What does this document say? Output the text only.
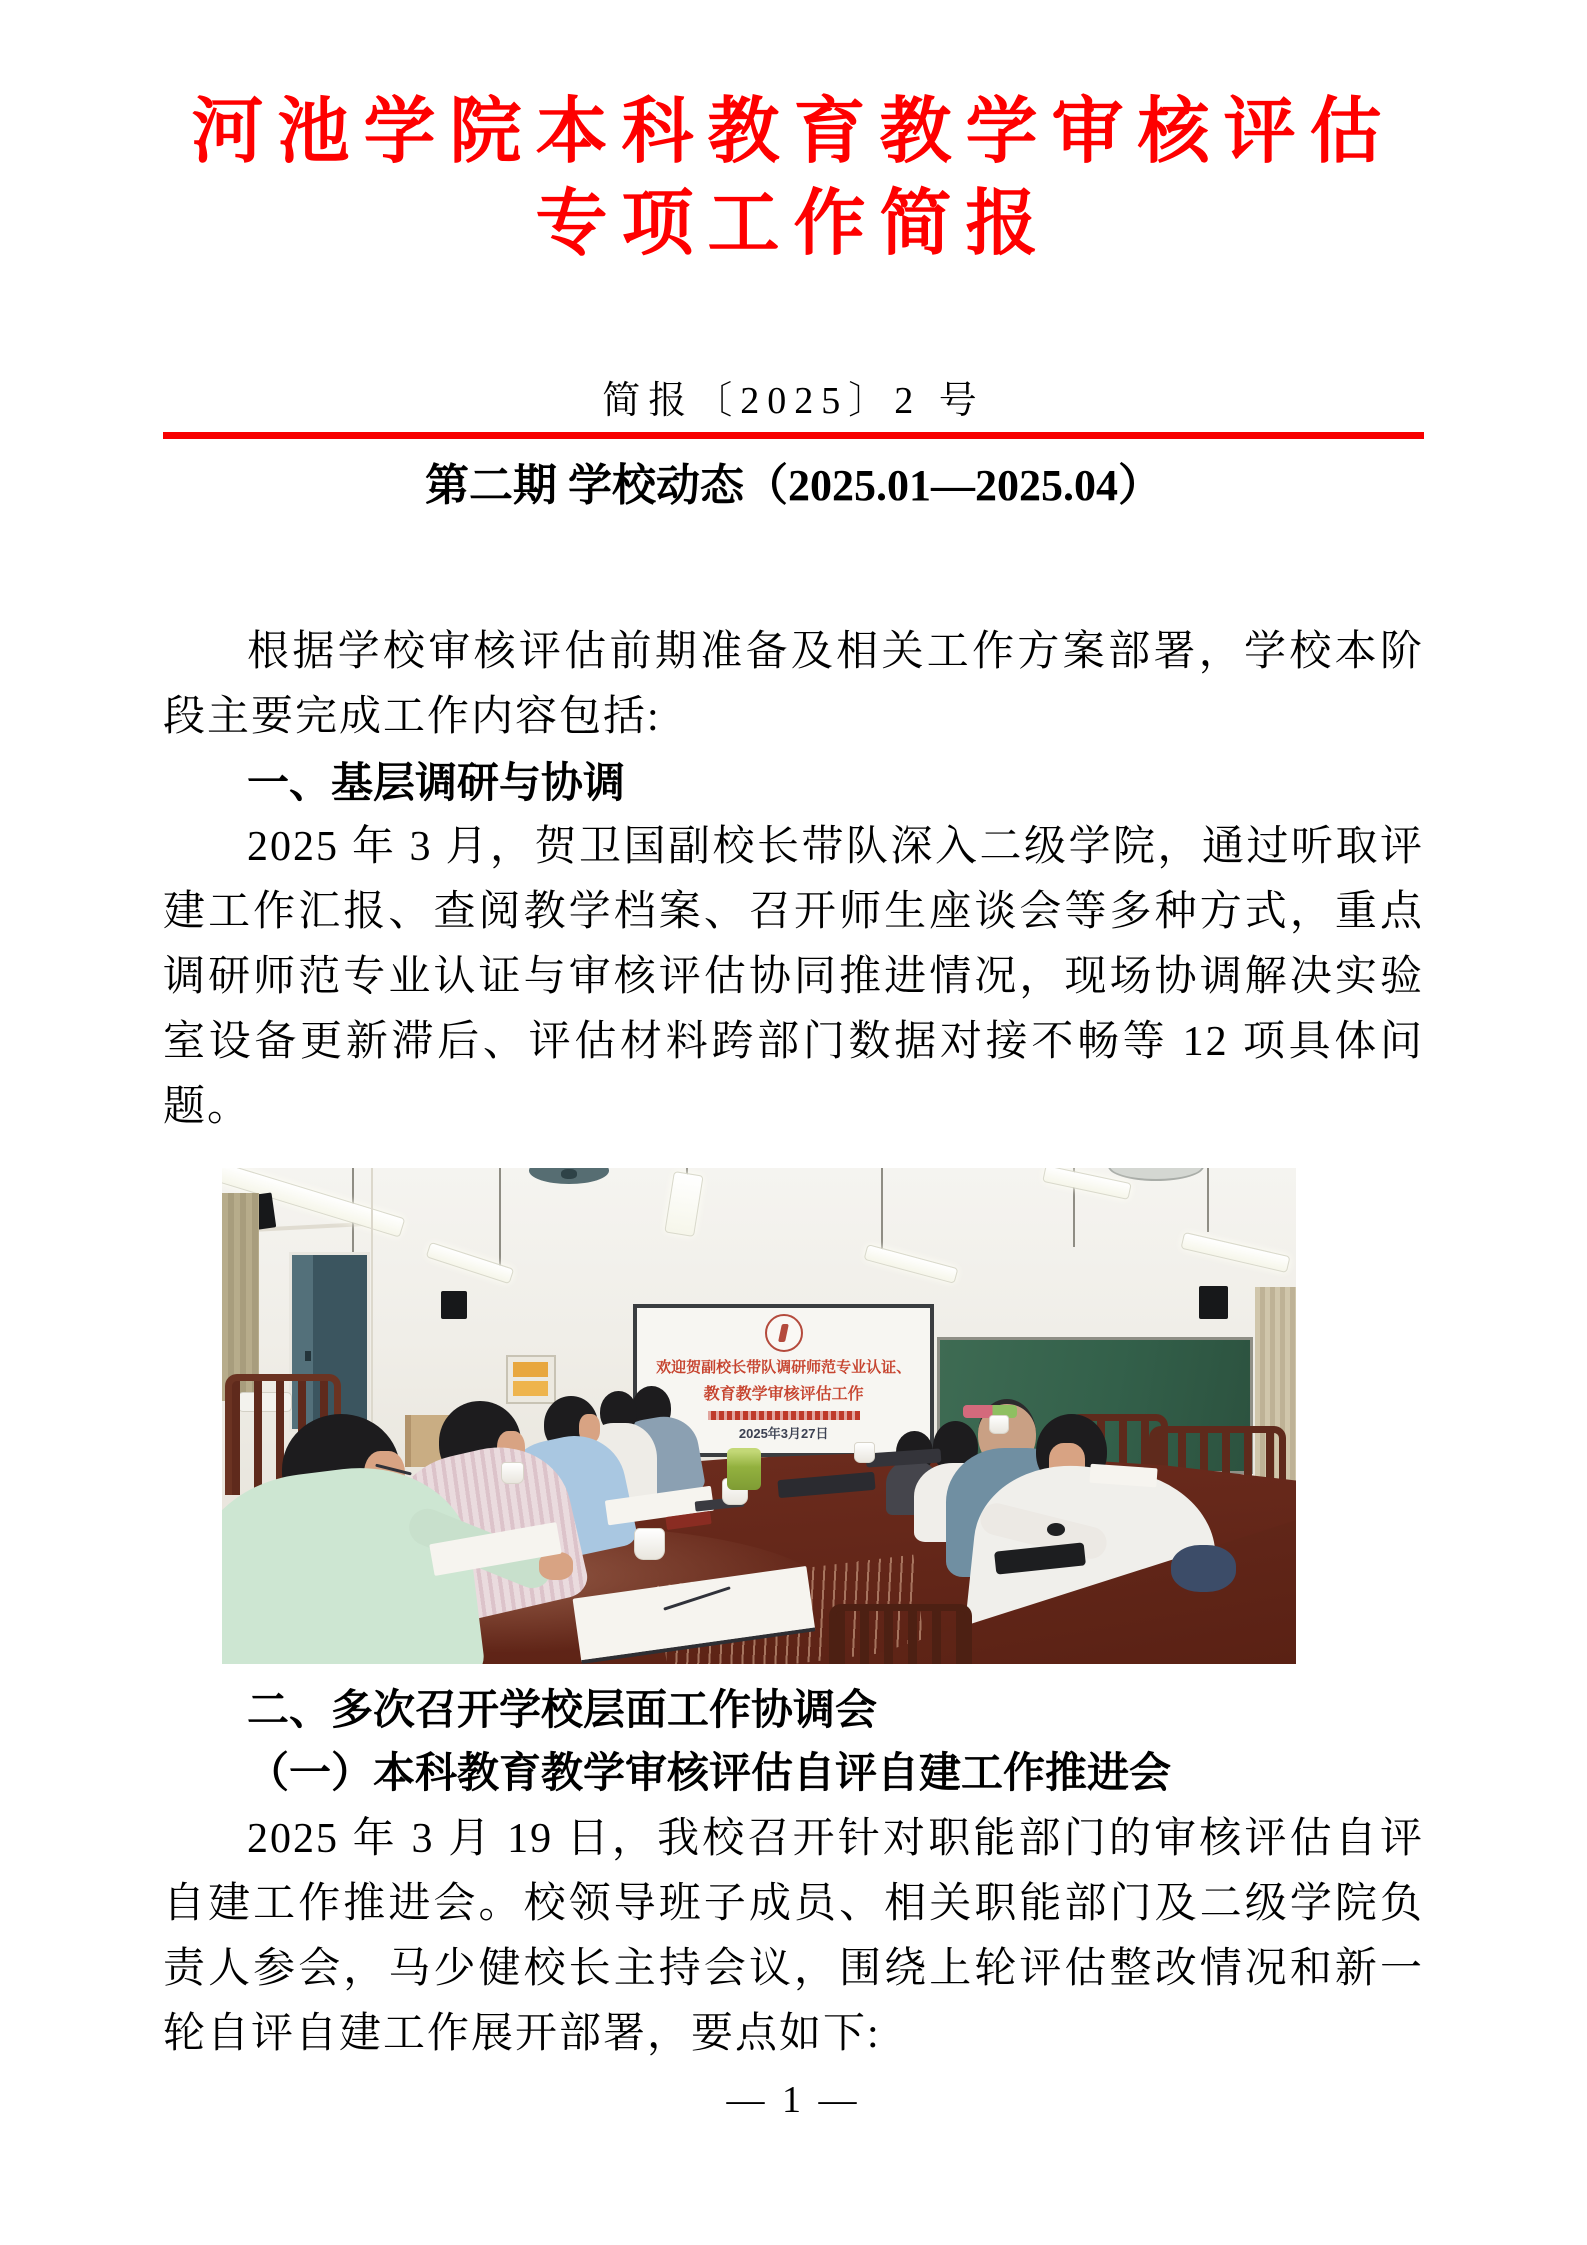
河池学院本科教育教学审核评估
专项工作简报
简报〔2025〕2 号
第二期 学校动态（2025.01—2025.04）

根据学校审核评估前期准备及相关工作方案部署，学校本阶段主要完成工作内容包括:

一、基层调研与协调

2025 年 3 月，贺卫国副校长带队深入二级学院，通过听取评建工作汇报、查阅教学档案、召开师生座谈会等多种方式，重点调研师范专业认证与审核评估协同推进情况，现场协调解决实验室设备更新滞后、评估材料跨部门数据对接不畅等 12 项具体问题。

欢迎贺副校长带队调研师范专业认证、
教育教学审核评估工作
2025年3月27日

二、多次召开学校层面工作协调会

（一）本科教育教学审核评估自评自建工作推进会

2025 年 3 月 19 日，我校召开针对职能部门的审核评估自评自建工作推进会。校领导班子成员、相关职能部门及二级学院负责人参会，马少健校长主持会议，围绕上轮评估整改情况和新一轮自评自建工作展开部署，要点如下:

— 1 —
